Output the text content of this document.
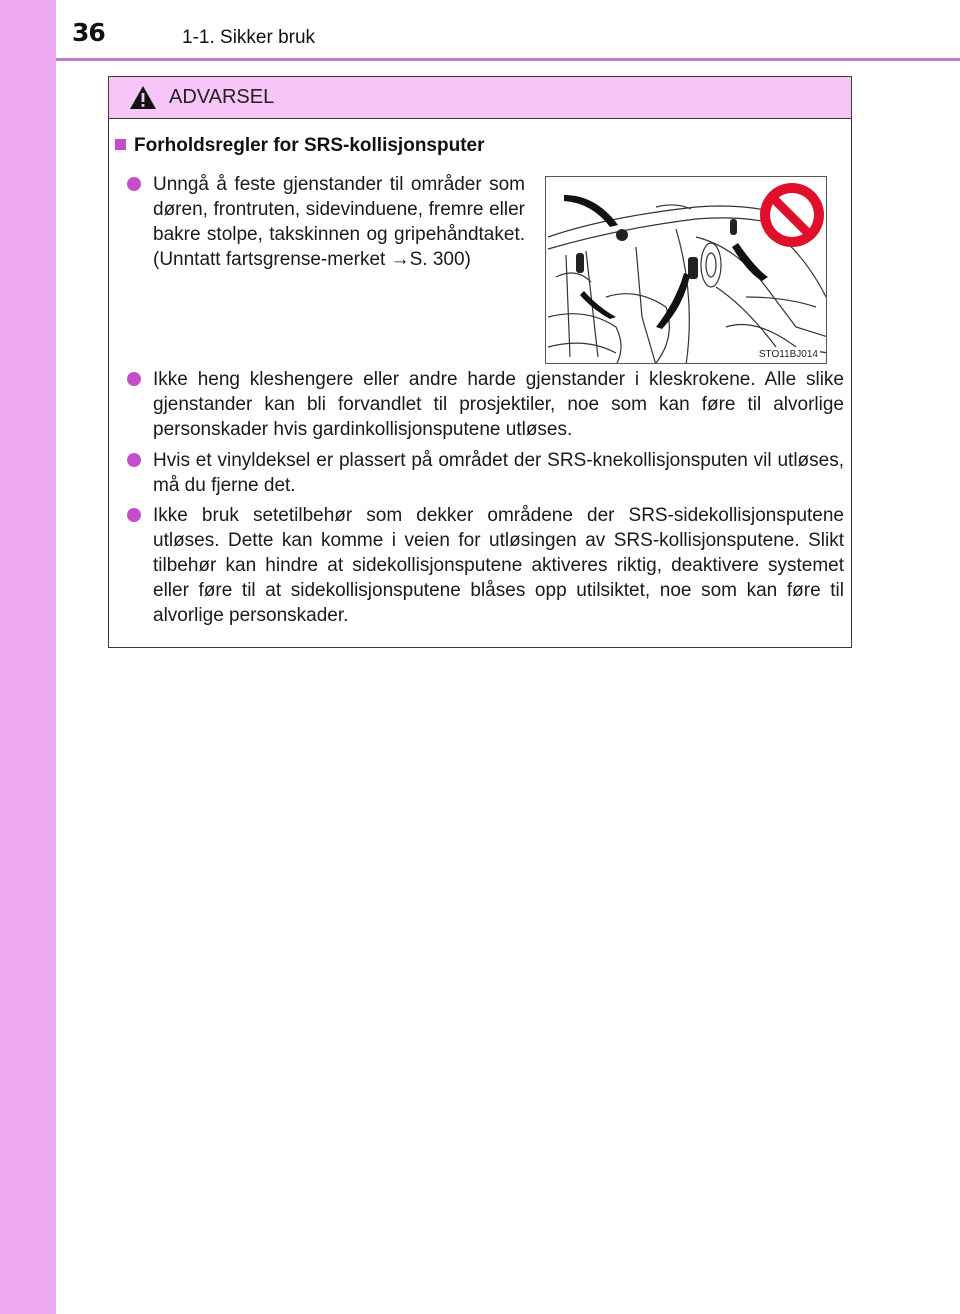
36	1-1. Sikker bruk
ADVARSEL
Forholdsregler for SRS-kollisjonsputer
Unngå å feste gjenstander til områder som døren, frontruten, sidevinduene, fremre eller bakre stolpe, takskinnen og gripehåndtaket. (Unntatt fartsgrense-merket →S. 300)
STO11BJ014
Ikke heng kleshengere eller andre harde gjenstander i kleskrokene. Alle slike gjenstander kan bli forvandlet til prosjektiler, noe som kan føre til alvorlige personskader hvis gardinkollisjonsputene utløses.
Hvis et vinyldeksel er plassert på området der SRS-knekollisjonsputen vil utløses, må du fjerne det.
Ikke bruk setetilbehør som dekker områdene der SRS-sidekollisjonsputene utløses. Dette kan komme i veien for utløsingen av SRS-kollisjonsputene. Slikt tilbehør kan hindre at sidekollisjonsputene aktiveres riktig, deaktivere systemet eller føre til at sidekollisjonsputene blåses opp utilsiktet, noe som kan føre til alvorlige personskader.
